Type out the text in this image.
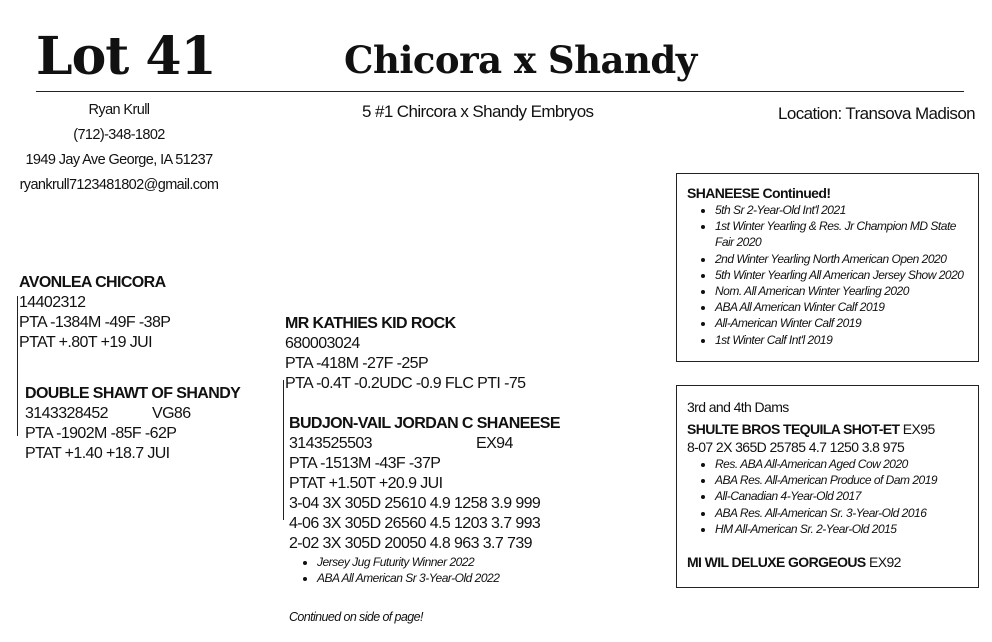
Lot 41	Chicora x Shandy
Ryan Krull
(712)-348-1802
1949 Jay Ave George, IA 51237
ryankrull7123481802@gmail.com
5 #1 Chircora x Shandy Embryos	Location: Transova Madison
AVONLEA CHICORA
14402312
PTA -1384M -49F -38P
PTAT +.80T +19 JUI
DOUBLE SHAWT OF SHANDY
3143328452	VG86
PTA -1902M -85F -62P
PTAT +1.40 +18.7 JUI
MR KATHIES KID ROCK
680003024
PTA -418M -27F -25P
PTA -0.4T -0.2UDC -0.9 FLC PTI -75
BUDJON-VAIL JORDAN C SHANEESE
3143525503	EX94
PTA -1513M -43F -37P
PTAT +1.50T +20.9 JUI
3-04 3X 305D 25610 4.9 1258 3.9 999
4-06 3X 305D 26560 4.5 1203 3.7 993
2-02 3X 305D 20050 4.8 963 3.7 739
• Jersey Jug Futurity Winner 2022
• ABA All American Sr 3-Year-Old 2022
Continued on side of page!
SHANEESE Continued!
• 5th Sr 2-Year-Old Int'l 2021
• 1st Winter Yearling & Res. Jr Champion MD State Fair 2020
• 2nd Winter Yearling North American Open 2020
• 5th Winter Yearling All American Jersey Show 2020
• Nom. All American Winter Yearling 2020
• ABA All American Winter Calf 2019
• All-American Winter Calf 2019
• 1st Winter Calf Int'l 2019
3rd and 4th Dams
SHULTE BROS TEQUILA SHOT-ET EX95
8-07 2X 365D 25785 4.7 1250 3.8 975
• Res. ABA All-American Aged Cow 2020
• ABA Res. All-American Produce of Dam 2019
• All-Canadian 4-Year-Old 2017
• ABA Res. All-American Sr. 3-Year-Old 2016
• HM All-American Sr. 2-Year-Old 2015
MI WIL DELUXE GORGEOUS EX92
